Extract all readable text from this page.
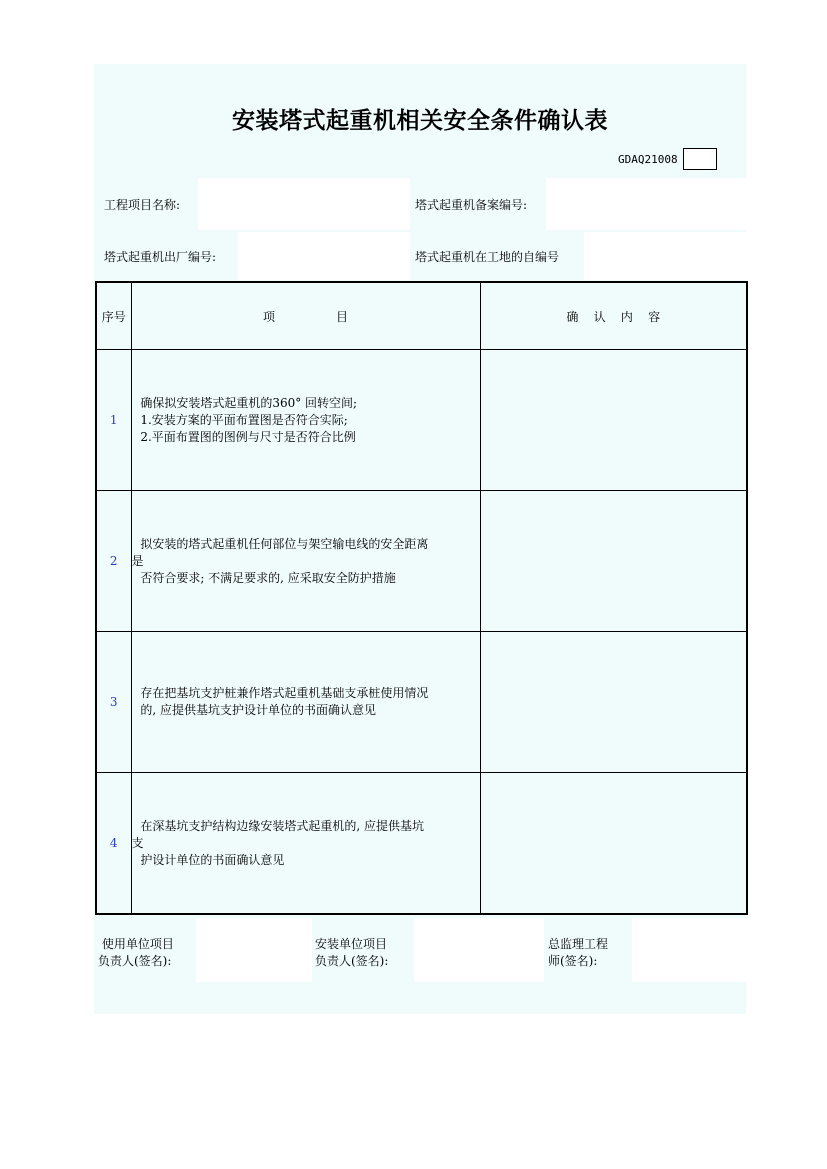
安装塔式起重机相关安全条件确认表
GDAQ21008
工程项目名称:	塔式起重机备案编号:
塔式起重机出厂编号:	塔式起重机在工地的自编号
序号	项                目	确    认    内    容
1	确保拟安装塔式起重机的360° 回转空间;
1.安装方案的平面布置图是否符合实际;
2.平面布置图的图例与尺寸是否符合比例	

2	拟安装的塔式起重机任何部位与架空输电线的安全距离
是
否符合要求; 不满足要求的, 应采取安全防护措施	

3	存在把基坑支护桩兼作塔式起重机基础支承桩使用情况
的, 应提供基坑支护设计单位的书面确认意见	

4	在深基坑支护结构边缘安装塔式起重机的, 应提供基坑
支
护设计单位的书面确认意见	

使用单位项目
负责人(签名):
安装单位项目
负责人(签名):
总监理工程
师(签名):
